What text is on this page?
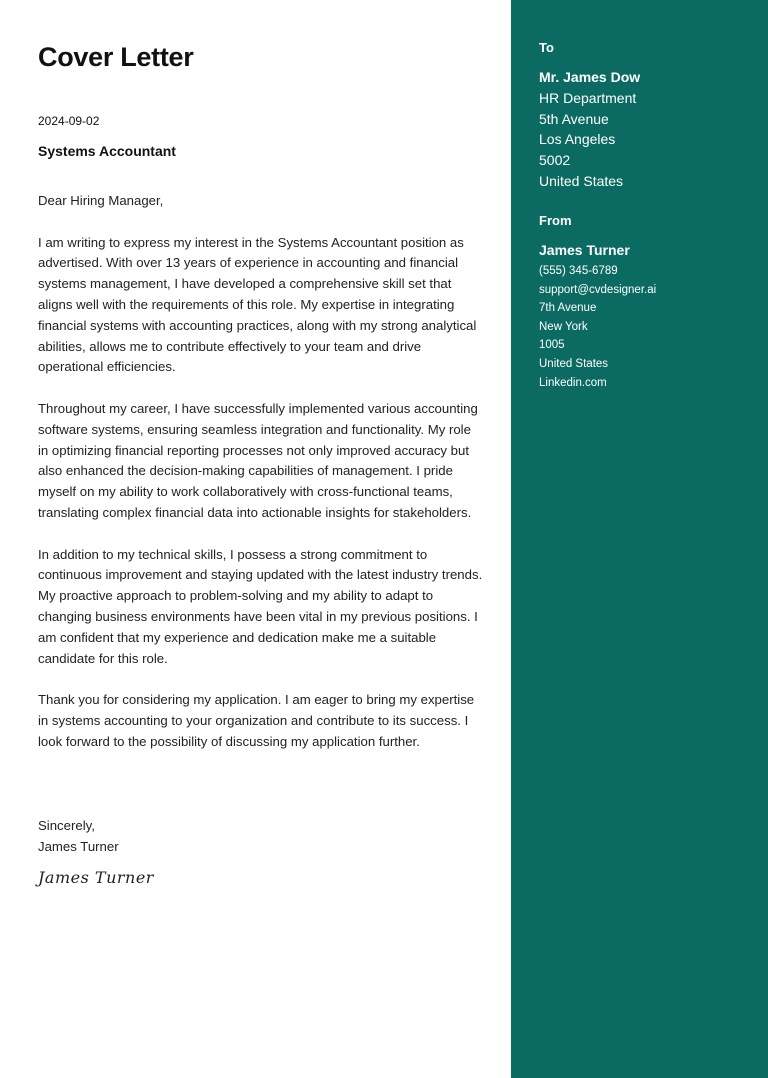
Cover Letter
2024-09-02
Systems Accountant

Dear Hiring Manager,

I am writing to express my interest in the Systems Accountant position as advertised. With over 13 years of experience in accounting and financial systems management, I have developed a comprehensive skill set that aligns well with the requirements of this role. My expertise in integrating financial systems with accounting practices, along with my strong analytical abilities, allows me to contribute effectively to your team and drive operational efficiencies.

Throughout my career, I have successfully implemented various accounting software systems, ensuring seamless integration and functionality. My role in optimizing financial reporting processes not only improved accuracy but also enhanced the decision-making capabilities of management. I pride myself on my ability to work collaboratively with cross-functional teams, translating complex financial data into actionable insights for stakeholders.

In addition to my technical skills, I possess a strong commitment to continuous improvement and staying updated with the latest industry trends. My proactive approach to problem-solving and my ability to adapt to changing business environments have been vital in my previous positions. I am confident that my experience and dedication make me a suitable candidate for this role.

Thank you for considering my application. I am eager to bring my expertise in systems accounting to your organization and contribute to its success. I look forward to the possibility of discussing my application further.

Sincerely,
James Turner
James Turner
To
Mr. James Dow
HR Department
5th Avenue
Los Angeles
5002
United States
From
James Turner
(555) 345-6789
support@cvdesigner.ai
7th Avenue
New York
1005
United States
Linkedin.com
